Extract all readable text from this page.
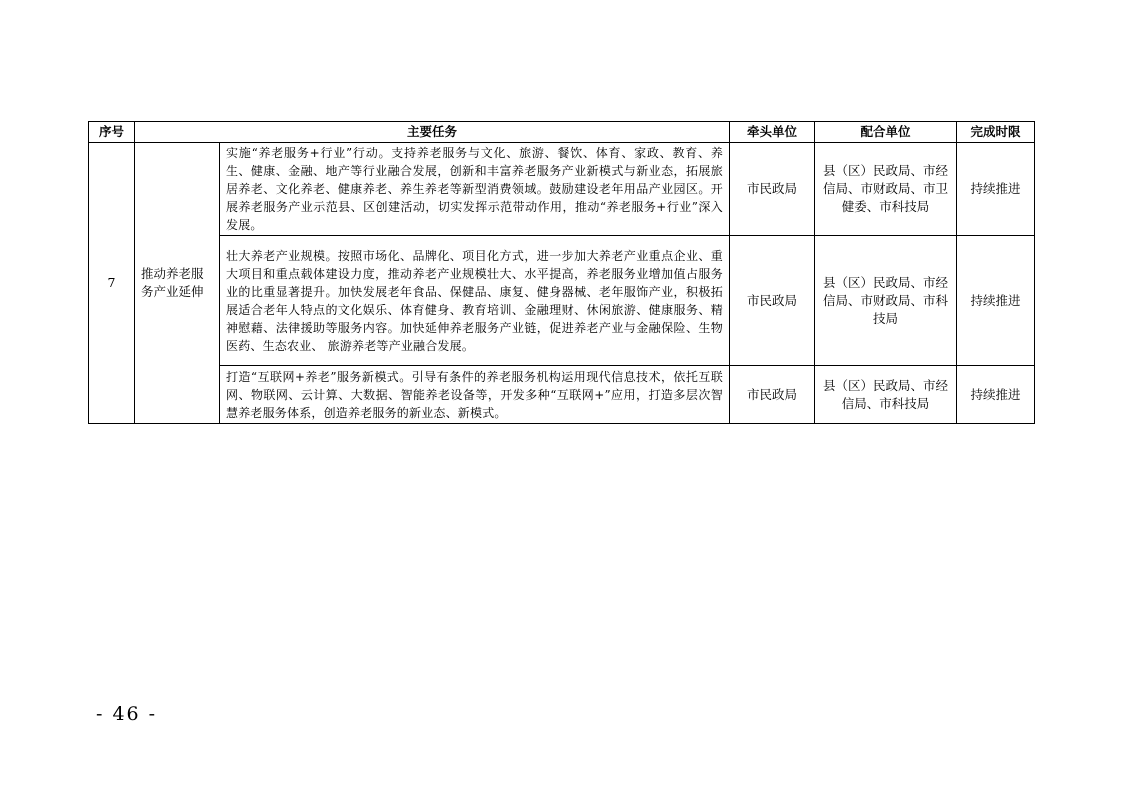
序号	主要任务		牵头单位	配合单位	完成时限
7	推动养老服务产业延伸	实施“养老服务+行业”行动。支持养老服务与文化、旅游、餐饮、体育、家政、教育、养生、健康、金融、地产等行业融合发展，创新和丰富养老服务产业新模式与新业态，拓展旅居养老、文化养老、健康养老、养生养老等新型消费领域。鼓励建设老年用品产业园区。开展养老服务产业示范县、区创建活动，切实发挥示范带动作用，推动“养老服务+行业”深入发展。	市民政局	县（区）民政局、市经信局、市财政局、市卫健委、市科技局	持续推进
		壮大养老产业规模。按照市场化、品牌化、项目化方式，进一步加大养老产业重点企业、重大项目和重点载体建设力度，推动养老产业规模壮大、水平提高，养老服务业增加值占服务业的比重显著提升。加快发展老年食品、保健品、康复、健身器械、老年服饰产业，积极拓展适合老年人特点的文化娱乐、体育健身、教育培训、金融理财、休闲旅游、健康服务、精神慰藉、法律援助等服务内容。加快延伸养老服务产业链，促进养老产业与金融保险、生物医药、生态农业、 旅游养老等产业融合发展。	市民政局	县（区）民政局、市经信局、市财政局、市科技局	持续推进
		打造“互联网+养老”服务新模式。引导有条件的养老服务机构运用现代信息技术，依托互联网、物联网、云计算、大数据、智能养老设备等，开发多种“互联网+”应用，打造多层次智慧养老服务体系，创造养老服务的新业态、新模式。	市民政局	县（区）民政局、市经信局、市科技局	持续推进
- 46 -
